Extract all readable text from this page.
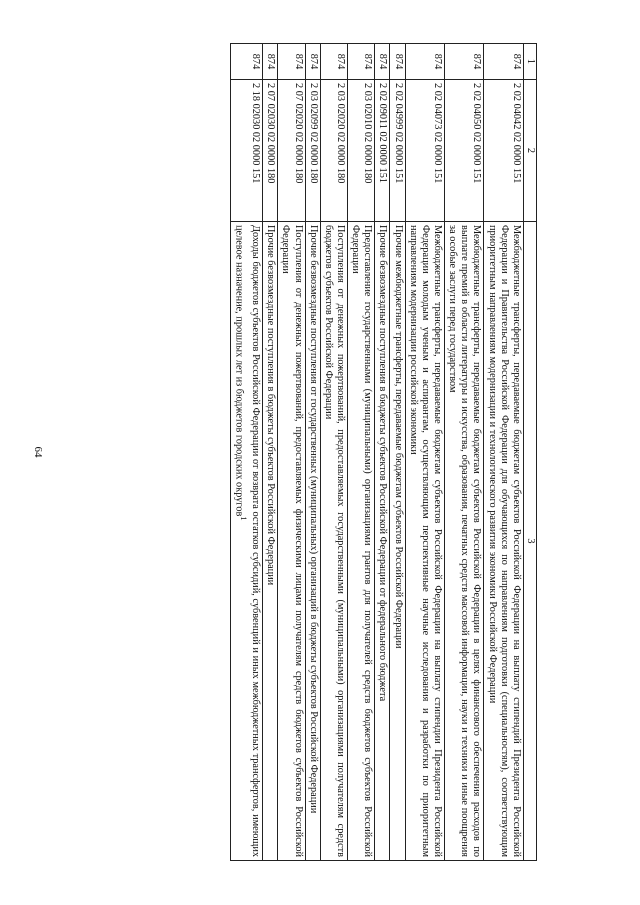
64
1	2	3
874	2 02 04042 02 0000 151	Межбюджетные трансферты, передаваемые бюджетам субъектов Российской Федерации на выплату стипендий Президента Российской Федерации и Правительства Российской Федерации для обучающихся по направлениям подготовки (специальностям), соответствующим приоритетным направлениям модернизации и технологического развития экономики Российской Федерации
874	2 02 04050 02 0000 151	Межбюджетные трансферты, передаваемые бюджетам субъектов Российской Федерации в целях финансового обеспечения расходов по выплате премий в области литературы и искусства, образования, печатных средств массовой информации, науки и техники и иные поощрения за особые заслуги перед государством
874	2 02 04073 02 0000 151	Межбюджетные трансферты, передаваемые бюджетам субъектов Российской Федерации на выплату стипендии Президента Российской Федерации молодым ученым и аспирантам, осуществляющим перспективные научные исследования и разработки по приоритетным направлениям модернизации российской экономики
874	2 02 04999 02 0000 151	Прочие межбюджетные трансферты, передаваемые бюджетам субъектов Российской Федерации
874	2 02 09011 02 0000 151	Прочие безвозмездные поступления в бюджеты субъектов Российской Федерации от федерального бюджета
874	2 03 02010 02 0000 180	Предоставление государственными (муниципальными) организациями грантов для получателей средств бюджетов субъектов Российской Федерации
874	2 03 02020 02 0000 180	Поступления от денежных пожертвований, предоставляемых государственными (муниципальными) организациями получателям средств бюджетов субъектов Российской Федерации
874	2 03 02099 02 0000 180	Прочие безвозмездные поступления от государственных (муниципальных) организаций в бюджеты субъектов Российской Федерации
874	2 07 02020 02 0000 180	Поступления от денежных пожертвований, предоставляемых физическими лицами получателям средств бюджетов субъектов Российской Федерации
874	2 07 02030 02 0000 180	Прочие безвозмездные поступления в бюджеты субъектов Российской Федерации
874	2 18 02030 02 0000 151	Доходы бюджетов субъектов Российской Федерации от возврата остатков субсидий, субвенций и иных межбюджетных трансфертов, имеющих целевое назначение, прошлых лет из бюджетов городских округов$^1$
